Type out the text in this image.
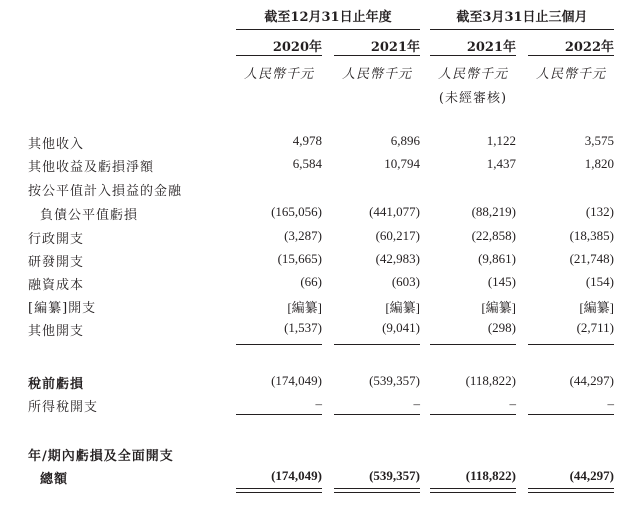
截至12月31日止年度	截至3月31日止三個月
2020年	2021年	2021年	2022年
人民幣千元	人民幣千元	人民幣千元	人民幣千元
(未經審核)
其他收入	4,978	6,896	1,122	3,575
其他收益及虧損淨額	6,584	10,794	1,437	1,820
按公平值計入損益的金融
負債公平值虧損	(165,056)	(441,077)	(88,219)	(132)
行政開支	(3,287)	(60,217)	(22,858)	(18,385)
研發開支	(15,665)	(42,983)	(9,861)	(21,748)
融資成本	(66)	(603)	(145)	(154)
[編纂]開支	[編纂]	[編纂]	[編纂]	[編纂]
其他開支	(1,537)	(9,041)	(298)	(2,711)
稅前虧損	(174,049)	(539,357)	(118,822)	(44,297)
所得稅開支	–	–	–	–
年/期內虧損及全面開支
總額	(174,049)	(539,357)	(118,822)	(44,297)
